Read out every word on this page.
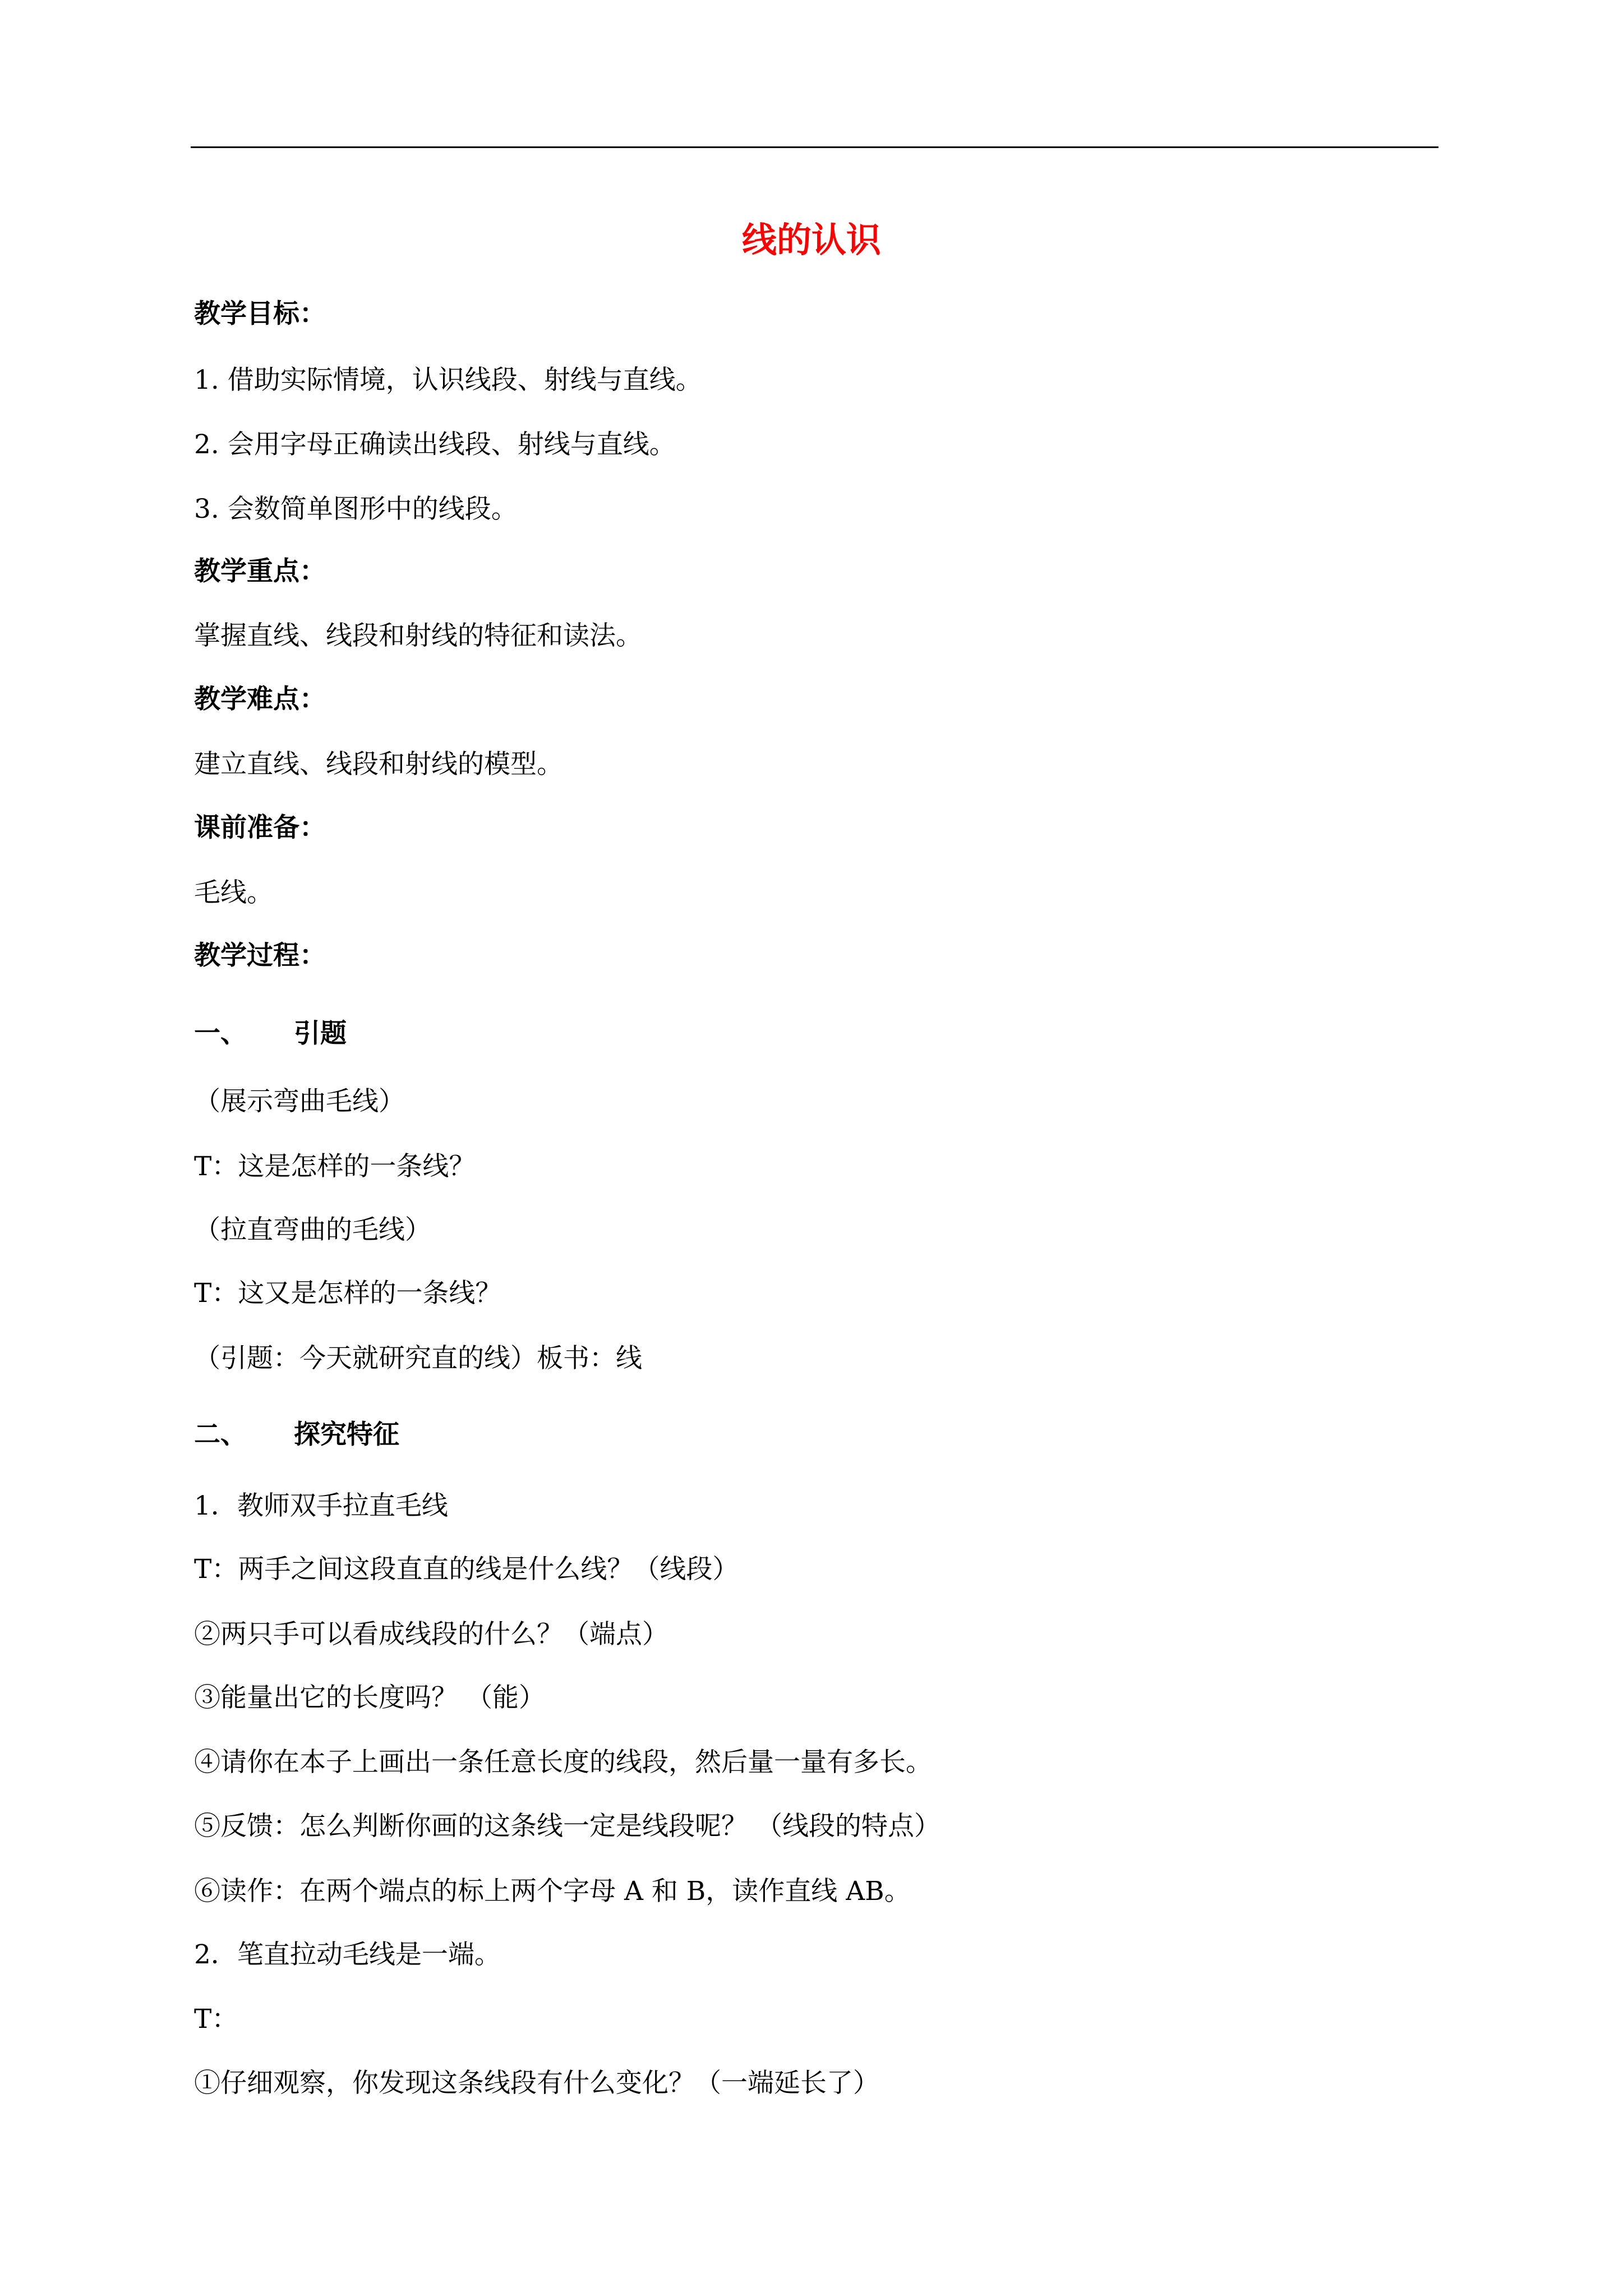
线的认识
教学目标：
1. 借助实际情境，认识线段、射线与直线。
2. 会用字母正确读出线段、射线与直线。
3. 会数简单图形中的线段。
教学重点：
掌握直线、线段和射线的特征和读法。
教学难点：
建立直线、线段和射线的模型。
课前准备：
毛线。
教学过程：
一、 引题
（展示弯曲毛线）
T：这是怎样的一条线？
（拉直弯曲的毛线）
T：这又是怎样的一条线？
（引题：今天就研究直的线）板书：线
二、 探究特征
1．教师双手拉直毛线
T：两手之间这段直直的线是什么线？（线段）
②两只手可以看成线段的什么？（端点）
③能量出它的长度吗？ （能）
④请你在本子上画出一条任意长度的线段，然后量一量有多长。
⑤反馈：怎么判断你画的这条线一定是线段呢？ （线段的特点）
⑥读作：在两个端点的标上两个字母 A 和 B，读作直线 AB。
2．笔直拉动毛线是一端。
T：
①仔细观察，你发现这条线段有什么变化？（一端延长了）
